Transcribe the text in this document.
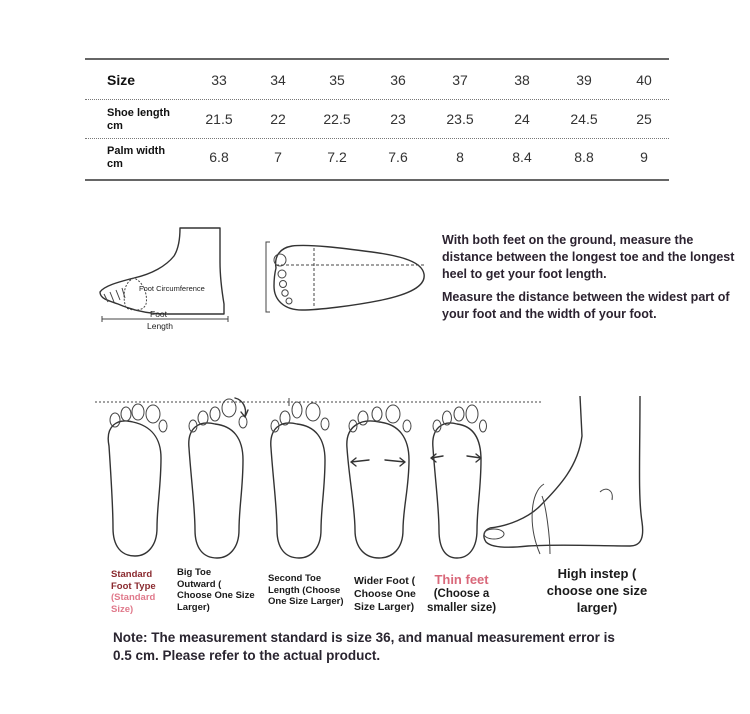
Size	33	34	35	36	37	38	39	40
Shoe length
cm	21.5	22	22.5	23	23.5	24	24.5	25
Palm width
cm	6.8	7	7.2	7.6	8	8.4	8.8	9
Foot Circumference
Foot
Length
With both feet on the ground, measure the distance between the longest toe and the longest heel to get your foot length.
Measure the distance between the widest part of your foot and the width of your foot.
Standard
Foot Type
(Standard
Size)
Big Toe
Outward (
Choose One Size
Larger)
Second Toe
Length (Choose
One Size Larger)
Wider Foot (
Choose One
Size Larger)
Thin feet
(Choose a
smaller size)
High instep (
choose one size
larger)
Note: The measurement standard is size 36, and manual measurement error is 0.5 cm. Please refer to the actual product.
